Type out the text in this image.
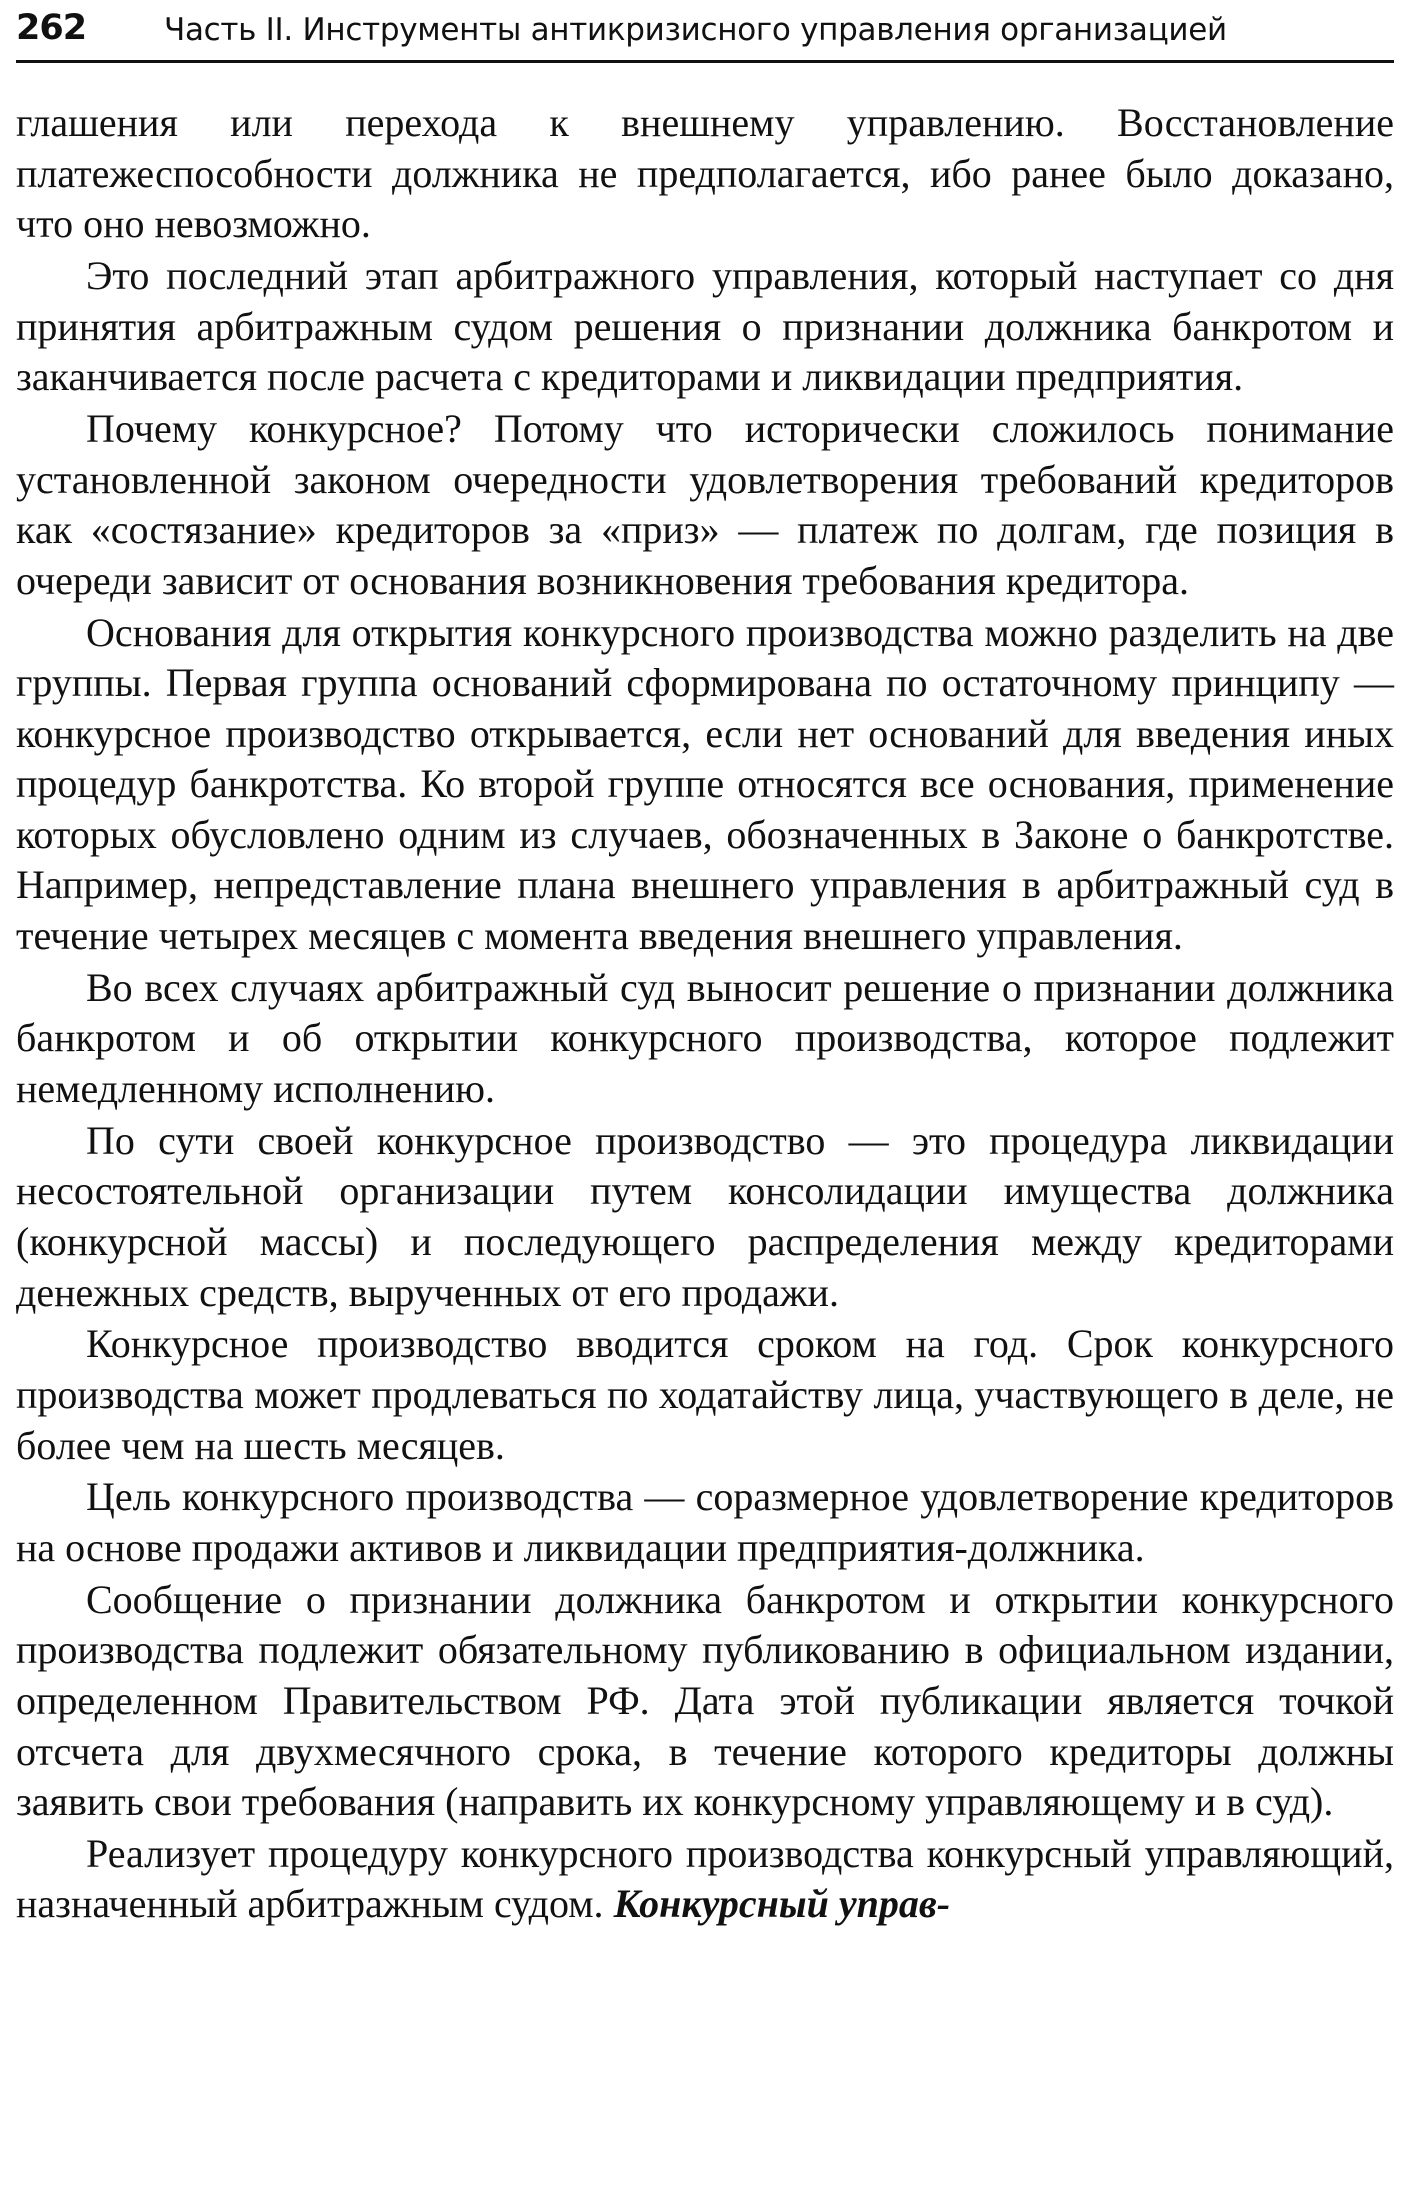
262	Часть II. Инструменты антикризисного управления организацией

глашения или перехода к внешнему управлению. Восстановление платежеспособности должника не предполагается, ибо ранее было доказано, что оно невозможно.

Это последний этап арбитражного управления, который наступает со дня принятия арбитражным судом решения о признании должника банкротом и заканчивается после расчета с кредиторами и ликвидации предприятия.

Почему конкурсное? Потому что исторически сложилось понимание установленной законом очередности удовлетворения требований кредиторов как «состязание» кредиторов за «приз» — платеж по долгам, где позиция в очереди зависит от основания возникновения требования кредитора.

Основания для открытия конкурсного производства можно разделить на две группы. Первая группа оснований сформирована по остаточному принципу — конкурсное производство открывается, если нет оснований для введения иных процедур банкротства. Ко второй группе относятся все основания, применение которых обусловлено одним из случаев, обозначенных в Законе о банкротстве. Например, непредставление плана внешнего управления в арбитражный суд в течение четырех месяцев с момента введения внешнего управления.

Во всех случаях арбитражный суд выносит решение о признании должника банкротом и об открытии конкурсного производства, которое подлежит немедленному исполнению.

По сути своей конкурсное производство — это процедура ликвидации несостоятельной организации путем консолидации имущества должника (конкурсной массы) и последующего распределения между кредиторами денежных средств, вырученных от его продажи.

Конкурсное производство вводится сроком на год. Срок конкурсного производства может продлеваться по ходатайству лица, участвующего в деле, не более чем на шесть месяцев.

Цель конкурсного производства — соразмерное удовлетворение кредиторов на основе продажи активов и ликвидации предприятия-должника.

Сообщение о признании должника банкротом и открытии конкурсного производства подлежит обязательному публикованию в официальном издании, определенном Правительством РФ. Дата этой публикации является точкой отсчета для двухмесячного срока, в течение которого кредиторы должны заявить свои требования (направить их конкурсному управляющему и в суд).

Реализует процедуру конкурсного производства конкурсный управляющий, назначенный арбитражным судом. Конкурсный управ-
